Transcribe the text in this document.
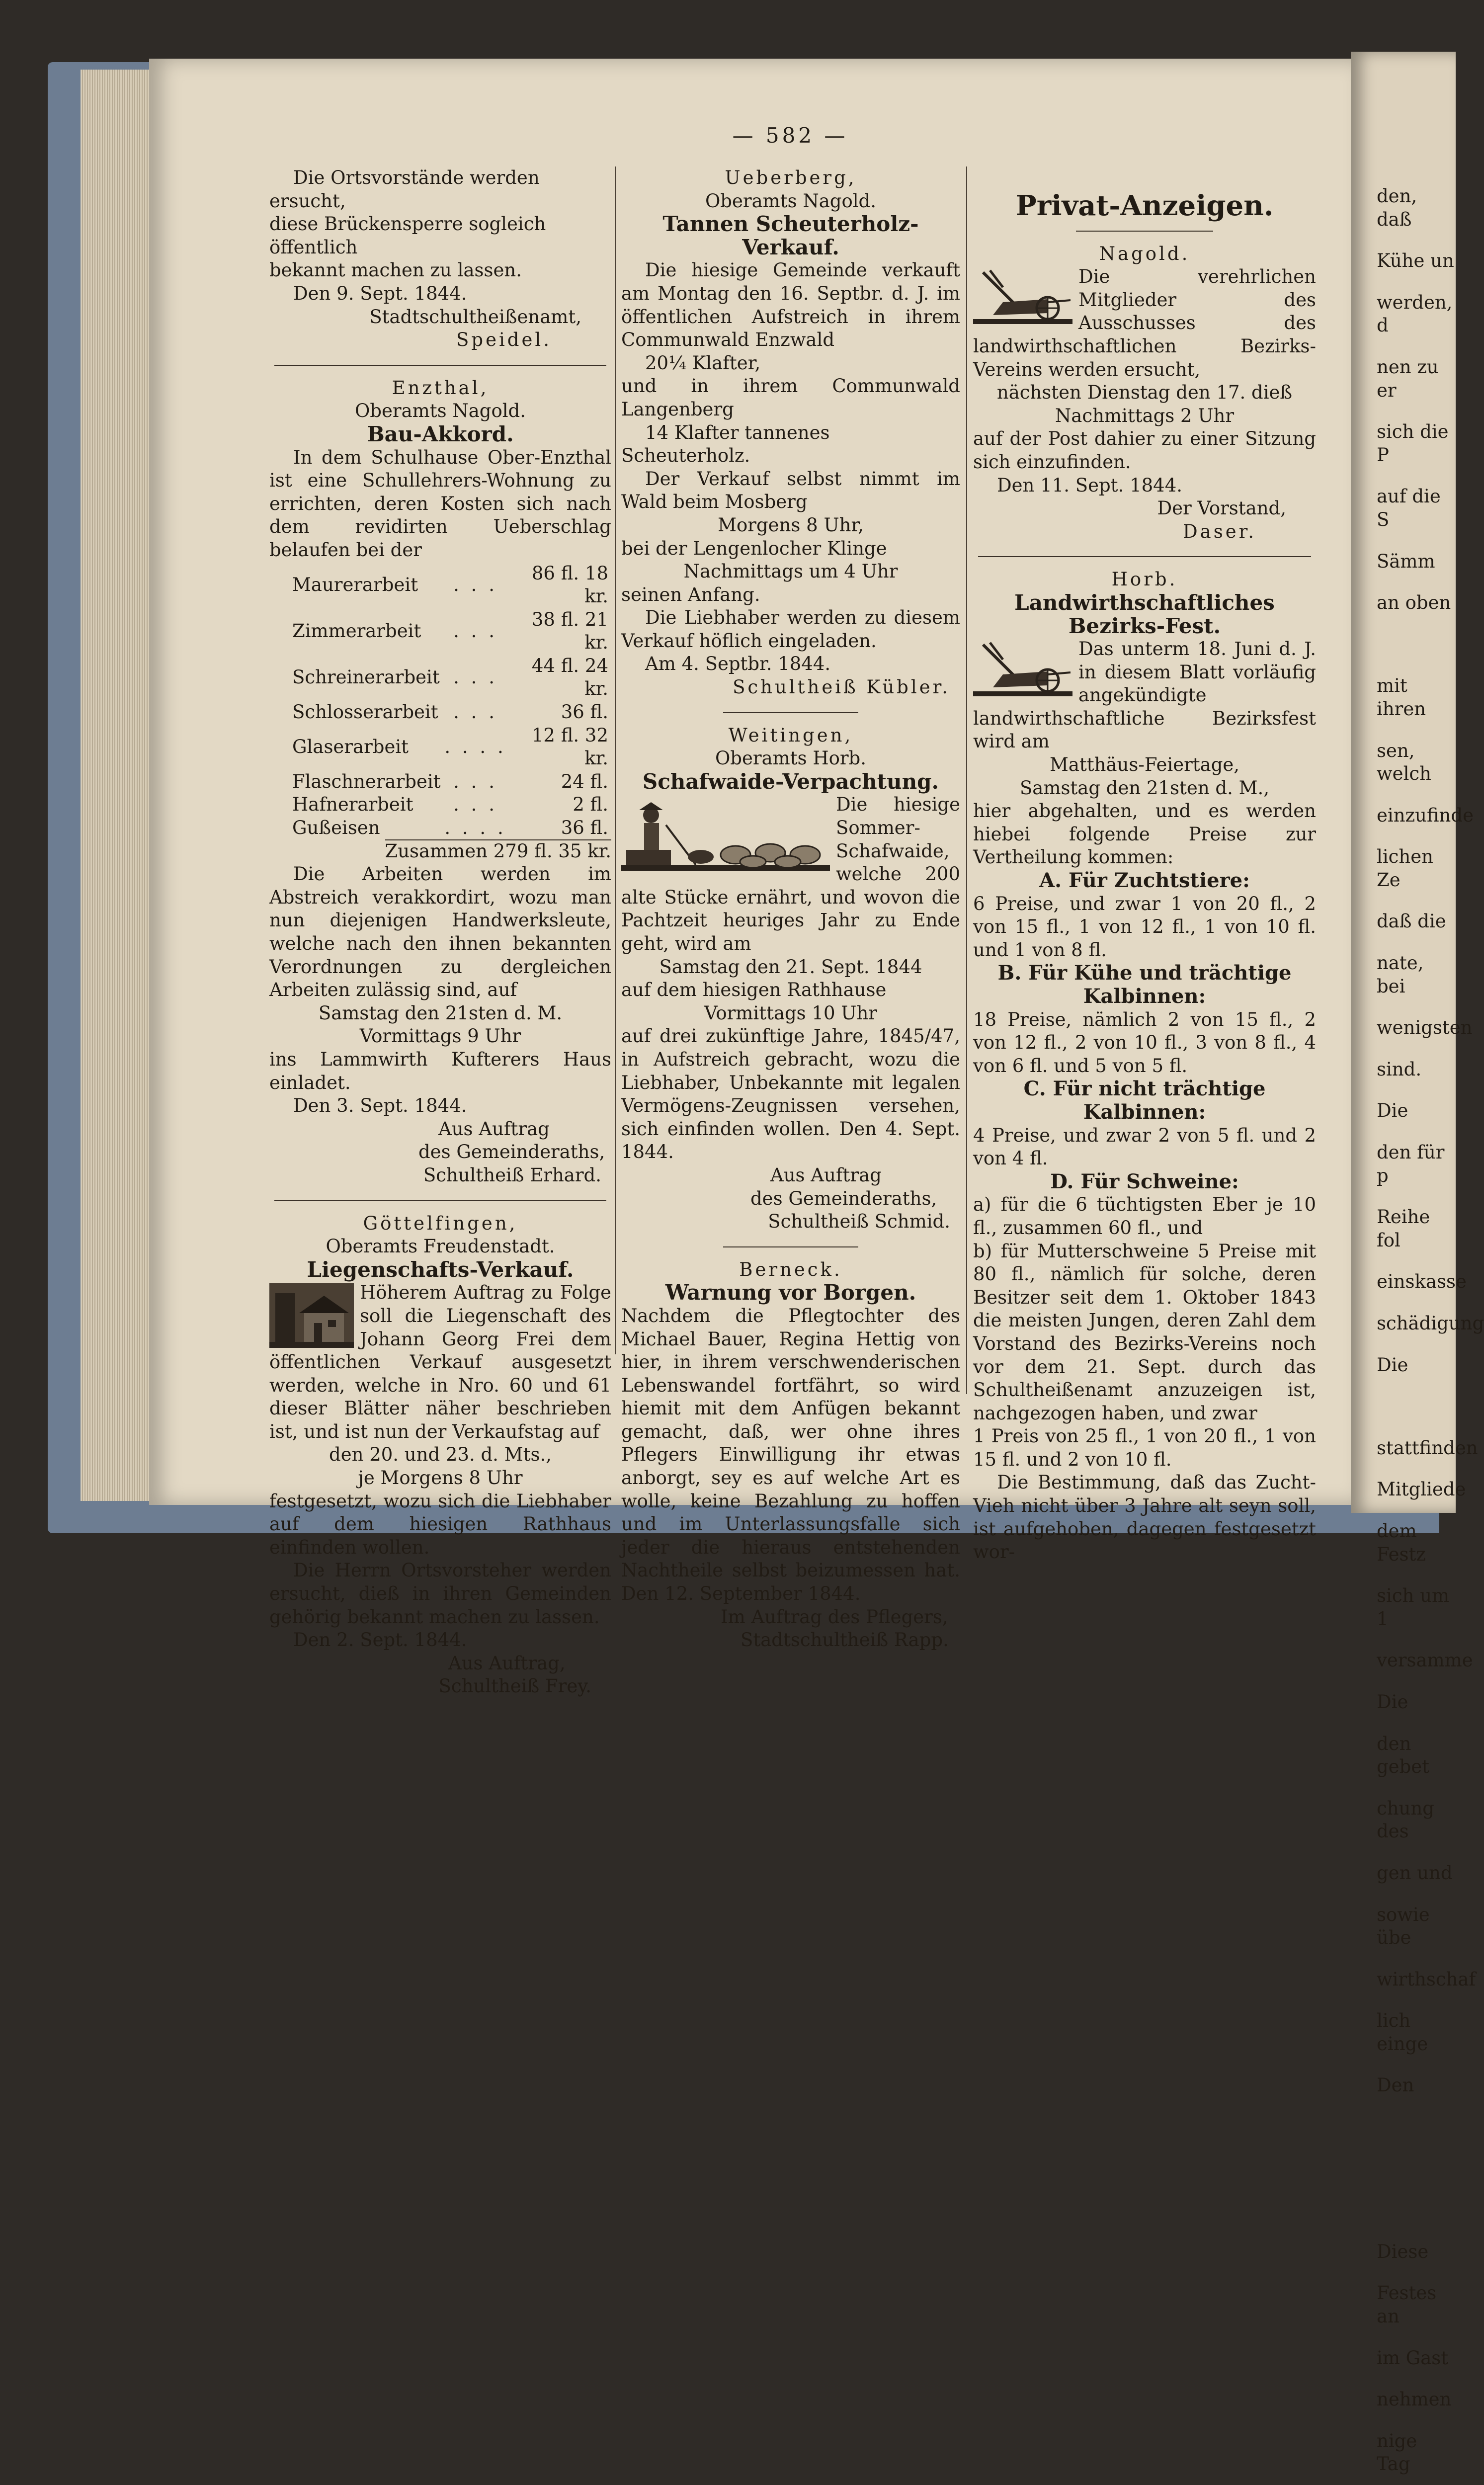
— 582 —

Die Ortsvorstände werden ersucht,

diese Brückensperre sogleich öffentlich

bekannt machen zu lassen.

Den 9. Sept. 1844.

Stadtschultheißenamt,

Speidel.

Enzthal,

Oberamts Nagold.

Bau-Akkord.

In dem Schulhause Ober-Enzthal ist eine Schullehrers-Wohnung zu errichten, deren Kosten sich nach dem revidirten Ueberschlag belaufen bei der

Maurerarbeit	. . .	86 fl. 18 kr.
Zimmerarbeit	. . .	38 fl. 21 kr.
Schreinerarbeit	. . .	44 fl. 24 kr.
Schlosserarbeit	. . .	36 fl.
Glaserarbeit	. . . .	12 fl. 32 kr.
Flaschnerarbeit	. . .	24 fl.
Hafnerarbeit	. . .	2 fl.
Gußeisen	. . . .	36 fl.

Zusammen 279 fl. 35 kr.

Die Arbeiten werden im Abstreich verakkordirt, wozu man nun diejenigen Handwerksleute, welche nach den ihnen bekannten Verordnungen zu dergleichen Arbeiten zulässig sind, auf

Samstag den 21sten d. M.

Vormittags 9 Uhr

ins Lammwirth Kufterers Haus einladet.

Den 3. Sept. 1844.

Aus Auftrag

des Gemeinderaths,

Schultheiß Erhard.

Göttelfingen,

Oberamts Freudenstadt.

Liegenschafts-Verkauf.

Höherem Auftrag zu Folge soll die Liegenschaft des Johann Georg Frei dem öffentlichen Verkauf ausgesetzt werden, welche in Nro. 60 und 61 dieser Blätter näher beschrieben ist, und ist nun der Verkaufstag auf

den 20. und 23. d. Mts.,

je Morgens 8 Uhr

festgesetzt, wozu sich die Liebhaber auf dem hiesigen Rathhaus einfinden wollen.

Die Herrn Ortsvorsteher werden ersucht, dieß in ihren Gemeinden gehörig bekannt machen zu lassen.

Den 2. Sept. 1844.

Aus Auftrag,

Schultheiß Frey.

Ueberberg,

Oberamts Nagold.

Tannen Scheuterholz-Verkauf.

Die hiesige Gemeinde verkauft am Montag den 16. Septbr. d. J. im öffentlichen Aufstreich in ihrem Communwald Enzwald

20¼ Klafter,

und in ihrem Communwald Langenberg

14 Klafter tannenes Scheuterholz.

Der Verkauf selbst nimmt im Wald beim Mosberg

Morgens 8 Uhr,

bei der Lengenlocher Klinge

Nachmittags um 4 Uhr

seinen Anfang.

Die Liebhaber werden zu diesem Verkauf höflich eingeladen.

Am 4. Septbr. 1844.

Schultheiß Kübler.

Weitingen,

Oberamts Horb.

Schafwaide-Verpachtung.

Die hiesige Sommer-Schafwaide, welche 200 alte Stücke ernährt, und wovon die Pachtzeit heuriges Jahr zu Ende geht, wird am

Samstag den 21. Sept. 1844

auf dem hiesigen Rathhause

Vormittags 10 Uhr

auf drei zukünftige Jahre, 1845/47, in Aufstreich gebracht, wozu die Liebhaber, Unbekannte mit legalen Vermögens-Zeugnissen versehen, sich einfinden wollen. Den 4. Sept. 1844.

Aus Auftrag

des Gemeinderaths,

Schultheiß Schmid.

Berneck.

Warnung vor Borgen.

Nachdem die Pflegtochter des Michael Bauer, Regina Hettig von hier, in ihrem verschwenderischen Lebenswandel fortfährt, so wird hiemit mit dem Anfügen bekannt gemacht, daß, wer ohne ihres Pflegers Einwilligung ihr etwas anborgt, sey es auf welche Art es wolle, keine Bezahlung zu hoffen und im Unterlassungsfalle sich jeder die hieraus entstehenden Nachtheile selbst beizumessen hat. Den 12. September 1844.

Im Auftrag des Pflegers,

Stadtschultheiß Rapp.

Privat-Anzeigen.

Nagold.

Die verehrlichen Mitglieder des Ausschusses des landwirthschaftlichen Bezirks-Vereins werden ersucht,

nächsten Dienstag den 17. dieß

Nachmittags 2 Uhr

auf der Post dahier zu einer Sitzung sich einzufinden.

Den 11. Sept. 1844.

Der Vorstand,

Daser.

Horb.

Landwirthschaftliches Bezirks-Fest.

Das unterm 18. Juni d. J. in diesem Blatt vorläufig angekündigte landwirthschaftliche Bezirksfest wird am

Matthäus-Feiertage,

Samstag den 21sten d. M.,

hier abgehalten, und es werden hiebei folgende Preise zur Vertheilung kommen:

A. Für Zuchtstiere:

6 Preise, und zwar 1 von 20 fl., 2 von 15 fl., 1 von 12 fl., 1 von 10 fl. und 1 von 8 fl.

B. Für Kühe und trächtige Kalbinnen:

18 Preise, nämlich 2 von 15 fl., 2 von 12 fl., 2 von 10 fl., 3 von 8 fl., 4 von 6 fl. und 5 von 5 fl.

C. Für nicht trächtige Kalbinnen:

4 Preise, und zwar 2 von 5 fl. und 2 von 4 fl.

D. Für Schweine:

a) für die 6 tüchtigsten Eber je 10 fl., zusammen 60 fl., und

b) für Mutterschweine 5 Preise mit 80 fl., nämlich für solche, deren Besitzer seit dem 1. Oktober 1843 die meisten Jungen, deren Zahl dem Vorstand des Bezirks-Vereins noch vor dem 21. Sept. durch das Schultheißenamt anzuzeigen ist, nachgezogen haben, und zwar

1 Preis von 25 fl., 1 von 20 fl., 1 von 15 fl. und 2 von 10 fl.

Die Bestimmung, daß das Zucht-Vieh nicht über 3 Jahre alt seyn soll, ist aufgehoben, dagegen festgesetzt wor-

den, daß

Kühe un

werden, d

nen zu er

sich die P

auf die S

Sämm

an oben

mit ihren

sen, welch

einzufinde

lichen Ze

daß die

nate, bei

wenigsten

sind.

Die

den für p

Reihe fol

einskasse

schädigung

Die

stattfinden

Mitgliede

dem Festz

sich um 1

versamme

Die

den gebet

chung des

gen und

sowie übe

wirthschaf

lich einge

Den

Diese

Festes an

im Gast

nehmen

nige Tag
